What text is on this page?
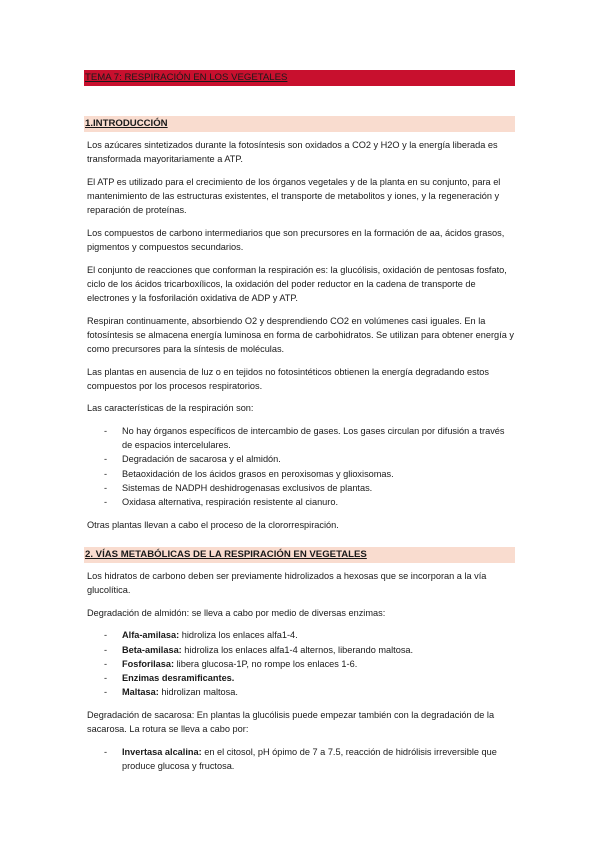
TEMA 7: RESPIRACIÓN EN LOS VEGETALES
1.INTRODUCCIÓN

Los azúcares sintetizados durante la fotosíntesis son oxidados a CO2 y H2O y la energía liberada es transformada mayoritariamente a ATP.

El ATP es utilizado para el crecimiento de los órganos vegetales y de la planta en su conjunto, para el mantenimiento de las estructuras existentes, el transporte de metabolitos y iones, y la regeneración y reparación de proteínas.

Los compuestos de carbono intermediarios que son precursores en la formación de aa, ácidos grasos, pigmentos y compuestos secundarios.

El conjunto de reacciones que conforman la respiración es: la glucólisis, oxidación de pentosas fosfato, ciclo de los ácidos tricarboxílicos, la oxidación del poder reductor en la cadena de transporte de electrones y la fosforilación oxidativa de ADP y ATP.

Respiran continuamente, absorbiendo O2 y desprendiendo CO2 en volúmenes casi iguales. En la fotosíntesis se almacena energía luminosa en forma de carbohidratos. Se utilizan para obtener energía y como precursores para la síntesis de moléculas.

Las plantas en ausencia de luz o en tejidos no fotosintéticos obtienen la energía degradando estos compuestos por los procesos respiratorios.

Las características de la respiración son:

- No hay órganos específicos de intercambio de gases. Los gases circulan por difusión a través de espacios intercelulares.
- Degradación de sacarosa y el almidón.
- Betaoxidación de los ácidos grasos en peroxisomas y glioxisomas.
- Sistemas de NADPH deshidrogenasas exclusivos de plantas.
- Oxidasa alternativa, respiración resistente al cianuro.

Otras plantas llevan a cabo el proceso de la clororrespiración.

2. VÍAS METABÓLICAS DE LA RESPIRACIÓN EN VEGETALES

Los hidratos de carbono deben ser previamente hidrolizados a hexosas que se incorporan a la vía glucolítica.

Degradación de almidón: se lleva a cabo por medio de diversas enzimas:

- Alfa-amilasa: hidroliza los enlaces alfa1-4.
- Beta-amilasa: hidroliza los enlaces alfa1-4 alternos, liberando maltosa.
- Fosforilasa: libera glucosa-1P, no rompe los enlaces 1-6.
- Enzimas desramificantes.
- Maltasa: hidrolizan maltosa.

Degradación de sacarosa: En plantas la glucólisis puede empezar también con la degradación de la sacarosa. La rotura se lleva a cabo por:

- Invertasa alcalina: en el citosol, pH ópimo de 7 a 7.5, reacción de hidrólisis irreversible que produce glucosa y fructosa.
